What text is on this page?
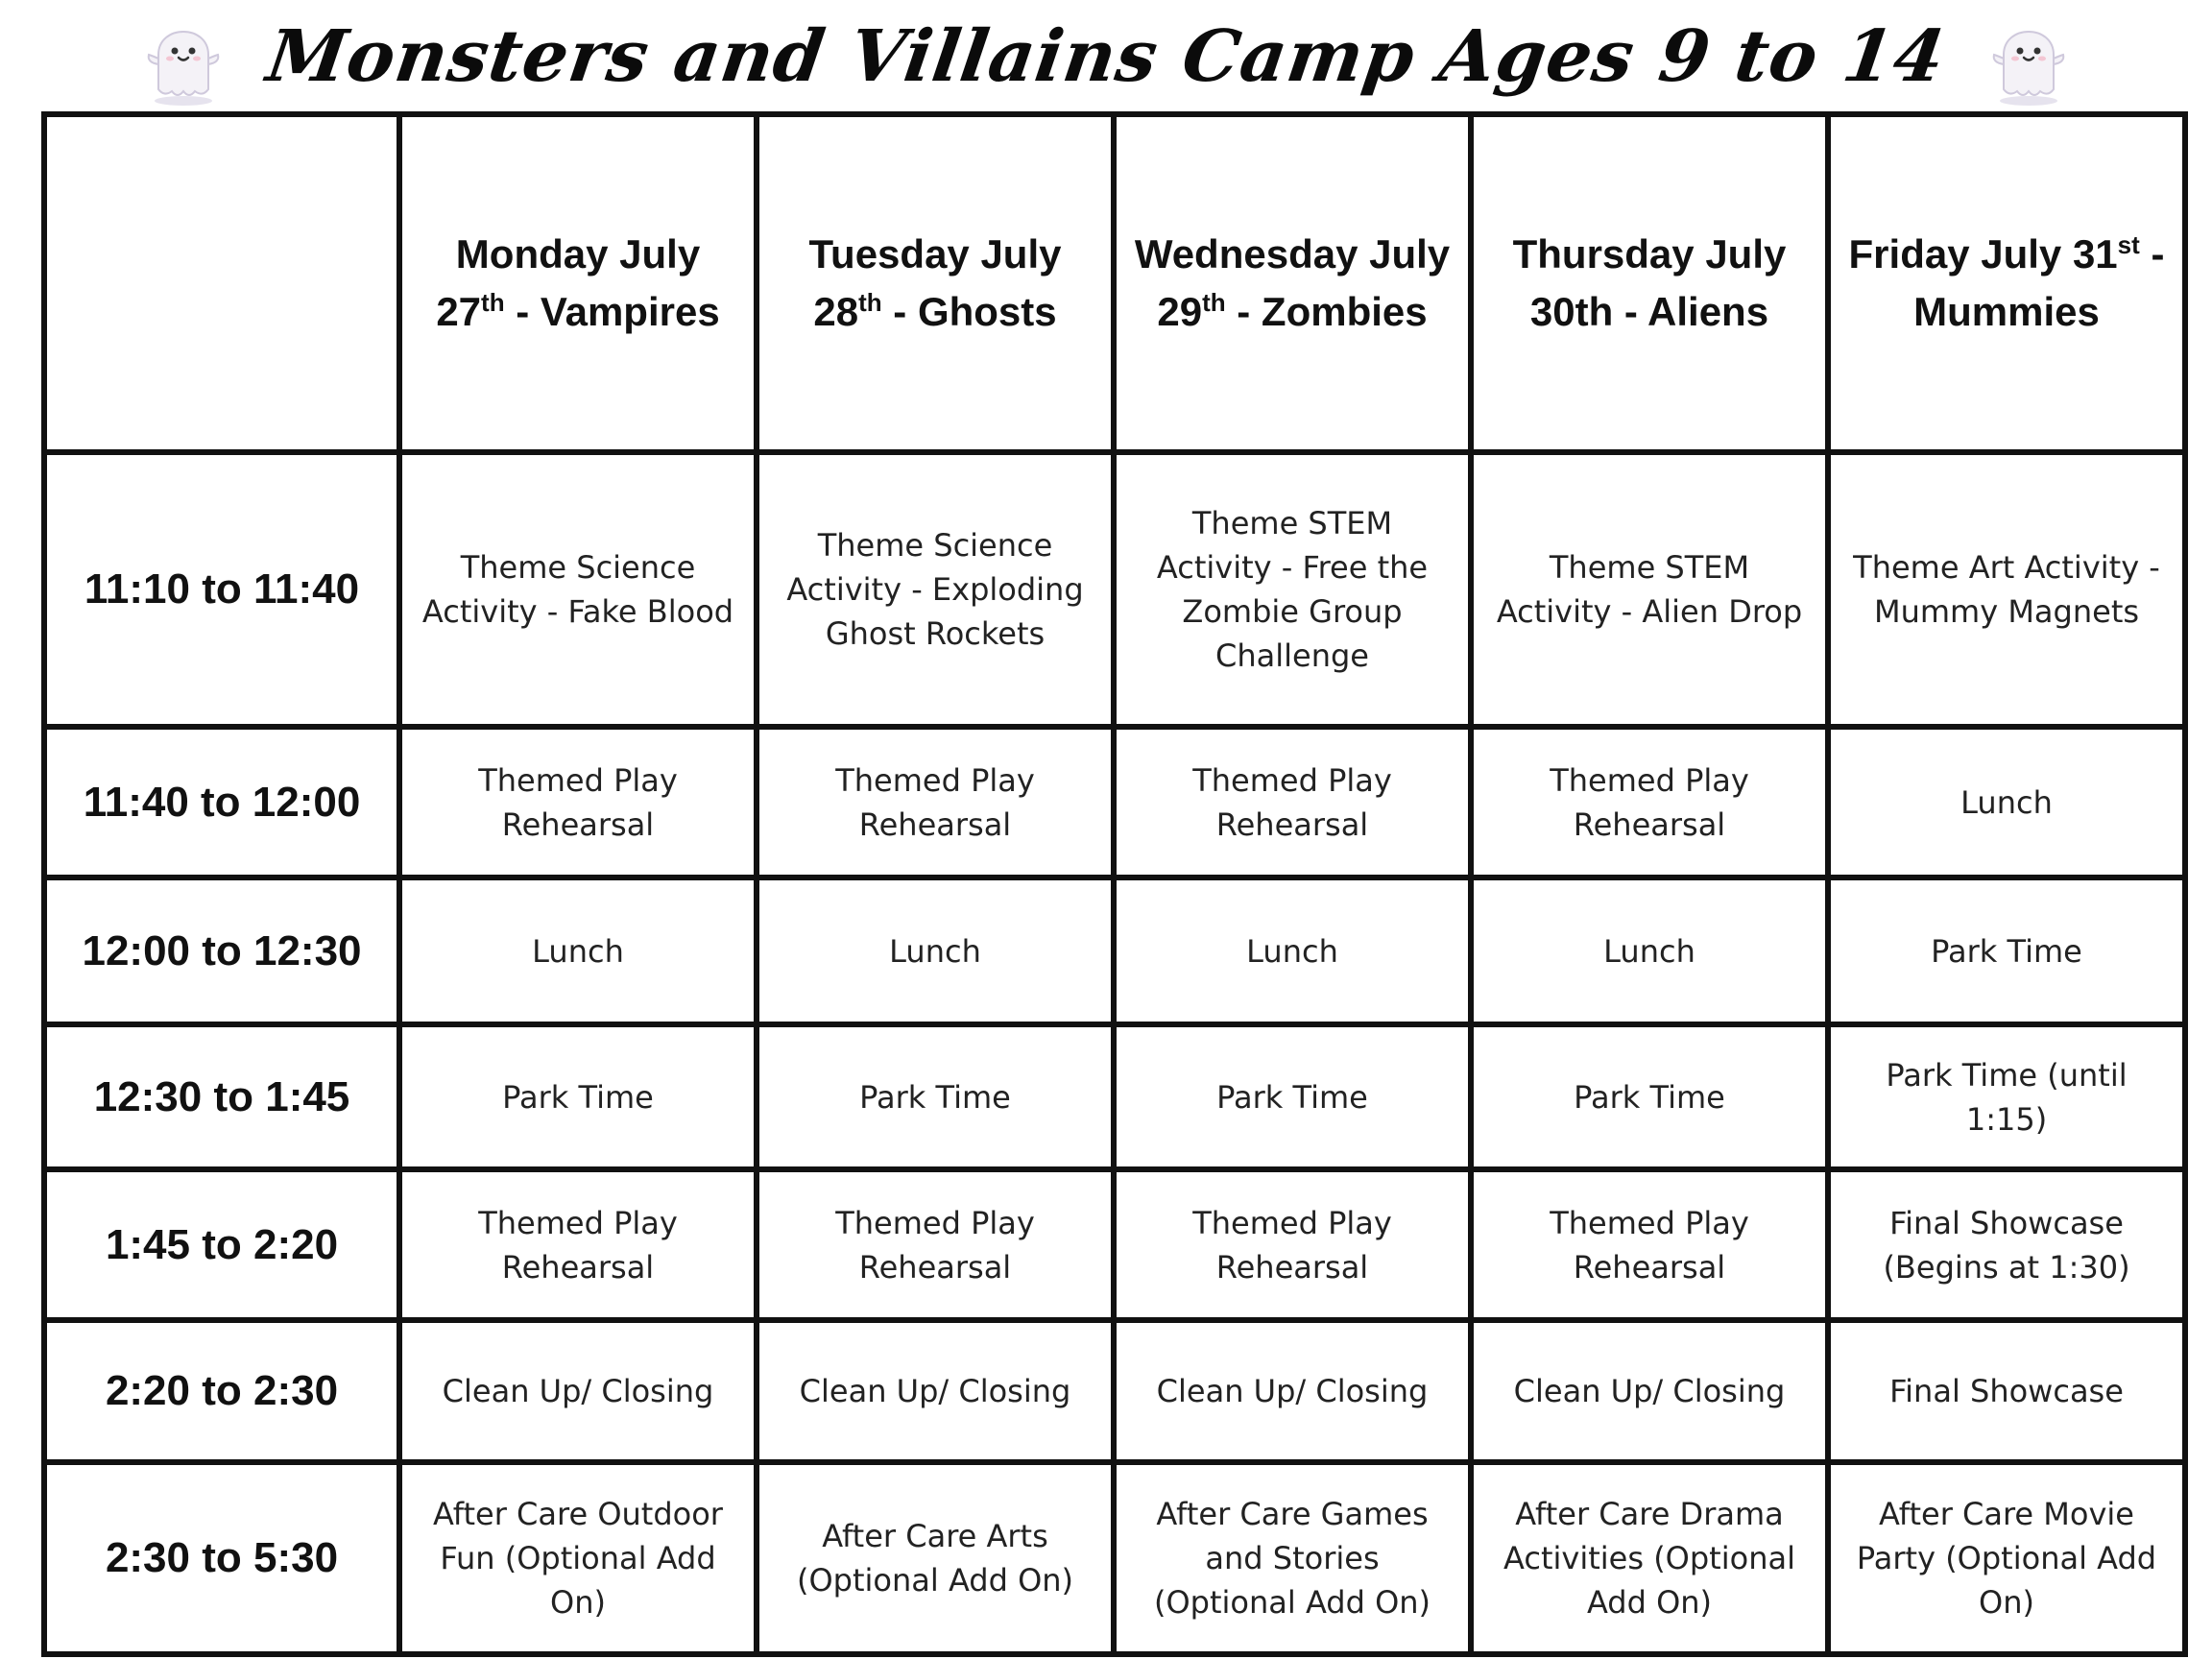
Monsters and Villains Camp Ages 9 to 14
	Monday July 27th - Vampires	Tuesday July 28th - Ghosts	Wednesday July 29th - Zombies	Thursday July 30th - Aliens	Friday July 31st -Mummies
11:10 to 11:40	Theme Science Activity - Fake Blood	Theme Science Activity - Exploding Ghost Rockets	Theme STEM Activity - Free the Zombie Group Challenge	Theme STEM Activity - Alien Drop	Theme Art Activity - Mummy Magnets
11:40 to 12:00	Themed Play Rehearsal	Themed Play Rehearsal	Themed Play Rehearsal	Themed Play Rehearsal	Lunch
12:00 to 12:30	Lunch	Lunch	Lunch	Lunch	Park Time
12:30 to 1:45	Park Time	Park Time	Park Time	Park Time	Park Time (until 1:15)
1:45 to 2:20	Themed Play Rehearsal	Themed Play Rehearsal	Themed Play Rehearsal	Themed Play Rehearsal	Final Showcase (Begins at 1:30)
2:20 to 2:30	Clean Up/ Closing	Clean Up/ Closing	Clean Up/ Closing	Clean Up/ Closing	Final Showcase
2:30 to 5:30	After Care Outdoor Fun (Optional Add On)	After Care Arts (Optional Add On)	After Care Games and Stories (Optional Add On)	After Care Drama Activities (Optional Add On)	After Care Movie Party (Optional Add On)
